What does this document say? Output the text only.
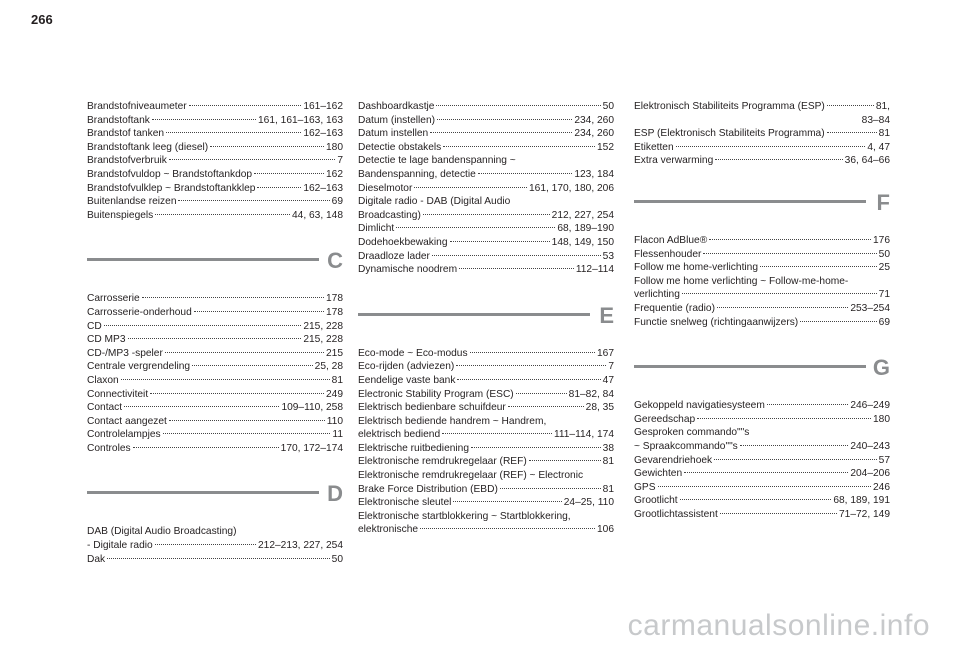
266
Brandstofniveaumeter	161–162
Brandstoftank	161, 161–163, 163
Brandstof tanken	162–163
Brandstoftank leeg (diesel)	180
Brandstofverbruik	7
Brandstofvuldop ~ Brandstoftankdop	162
Brandstofvulklep ~ Brandstoftankklep	162–163
Buitenlandse reizen	69
Buitenspiegels	44, 63, 148
C
Carrosserie	178
Carrosserie-onderhoud	178
CD	215, 228
CD MP3	215, 228
CD-/MP3 -speler	215
Centrale vergrendeling	25, 28
Claxon	81
Connectiviteit	249
Contact	109–110, 258
Contact aangezet	110
Controlelampjes	11
Controles	170, 172–174
D
DAB (Digital Audio Broadcasting)
- Digitale radio	212–213, 227, 254
Dak	50
Dashboardkastje	50
Datum (instellen)	234, 260
Datum instellen	234, 260
Detectie obstakels	152
Detectie te lage bandenspanning ~
Bandenspanning, detectie	123, 184
Dieselmotor	161, 170, 180, 206
Digitale radio - DAB (Digital Audio
Broadcasting)	212, 227, 254
Dimlicht	68, 189–190
Dodehoekbewaking	148, 149, 150
Draadloze lader	53
Dynamische noodrem	112–114
E
Eco-mode ~ Eco-modus	167
Eco-rijden (adviezen)	7
Eendelige vaste bank	47
Electronic Stability Program (ESC)	81–82, 84
Elektrisch bedienbare schuifdeur	28, 35
Elektrisch bediende handrem ~ Handrem,
elektrisch bediend	111–114, 174
Elektrische ruitbediening	38
Elektronische remdrukregelaar (REF)	81
Elektronische remdrukregelaar (REF) ~ Electronic
Brake Force Distribution (EBD)	81
Elektronische sleutel	24–25, 110
Elektronische startblokkering ~ Startblokkering,
elektronische	106
Elektronisch Stabiliteits Programma (ESP)	81,
83–84
ESP (Elektronisch Stabiliteits Programma)	81
Etiketten	4, 47
Extra verwarming	36, 64–66
F
Flacon AdBlue®	176
Flessenhouder	50
Follow me home-verlichting	25
Follow me home verlichting ~ Follow-me-home-
verlichting	71
Frequentie (radio)	253–254
Functie snelweg (richtingaanwijzers)	69
G
Gekoppeld navigatiesysteem	246–249
Gereedschap	180
Gesproken commando""s
~ Spraakcommando""s	240–243
Gevarendriehoek	57
Gewichten	204–206
GPS	246
Grootlicht	68, 189, 191
Grootlichtassistent	71–72, 149
carmanualsonline.info
